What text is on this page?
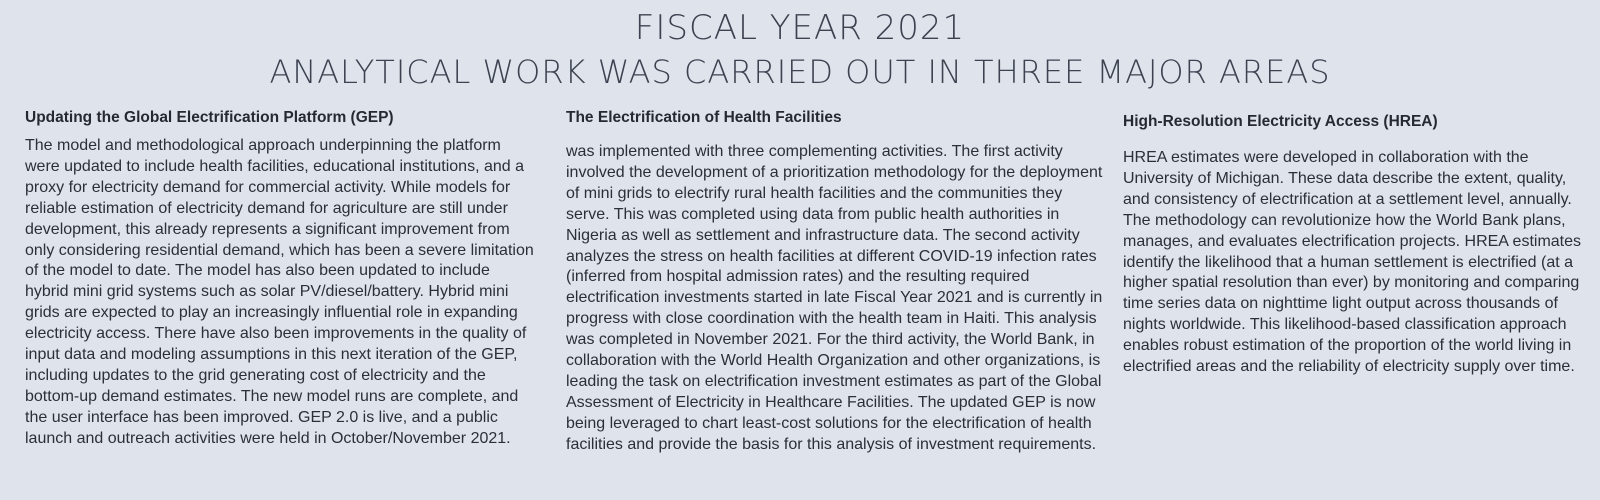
FISCAL YEAR 2021
ANALYTICAL WORK WAS CARRIED OUT IN THREE MAJOR AREAS
Updating the Global Electrification Platform (GEP)

The model and methodological approach underpinning the platform were updated to include health facilities, educational institutions, and a proxy for electricity demand for commercial activity. While models for reliable estimation of electricity demand for agriculture are still under development, this already represents a significant improvement from only considering residential demand, which has been a severe limitation of the model to date. The model has also been updated to include hybrid mini grid systems such as solar PV/diesel/battery. Hybrid mini grids are expected to play an increasingly influential role in expanding electricity access. There have also been improvements in the quality of input data and modeling assumptions in this next iteration of the GEP, including updates to the grid generating cost of electricity and the bottom-up demand estimates. The new model runs are complete, and the user interface has been improved. GEP 2.0 is live, and a public launch and outreach activities were held in October/November 2021.

The Electrification of Health Facilities

was implemented with three complementing activities. The first activity involved the development of a prioritization methodology for the deployment of mini grids to electrify rural health facilities and the communities they serve. This was completed using data from public health authorities in Nigeria as well as settlement and infrastructure data. The second activity analyzes the stress on health facilities at different COVID-19 infection rates (inferred from hospital admission rates) and the resulting required electrification investments started in late Fiscal Year 2021 and is currently in progress with close coordination with the health team in Haiti. This analysis was completed in November 2021. For the third activity, the World Bank, in collaboration with the World Health Organization and other organizations, is leading the task on electrification investment estimates as part of the Global Assessment of Electricity in Healthcare Facilities. The updated GEP is now being leveraged to chart least-cost solutions for the electrification of health facilities and provide the basis for this analysis of investment requirements.

High-Resolution Electricity Access (HREA)

HREA estimates were developed in collaboration with the University of Michigan. These data describe the extent, quality, and consistency of electrification at a settlement level, annually. The methodology can revolutionize how the World Bank plans, manages, and evaluates electrification projects. HREA estimates identify the likelihood that a human settlement is electrified (at a higher spatial resolution than ever) by monitoring and comparing time series data on nighttime light output across thousands of nights worldwide. This likelihood-based classification approach enables robust estimation of the proportion of the world living in electrified areas and the reliability of electricity supply over time.
